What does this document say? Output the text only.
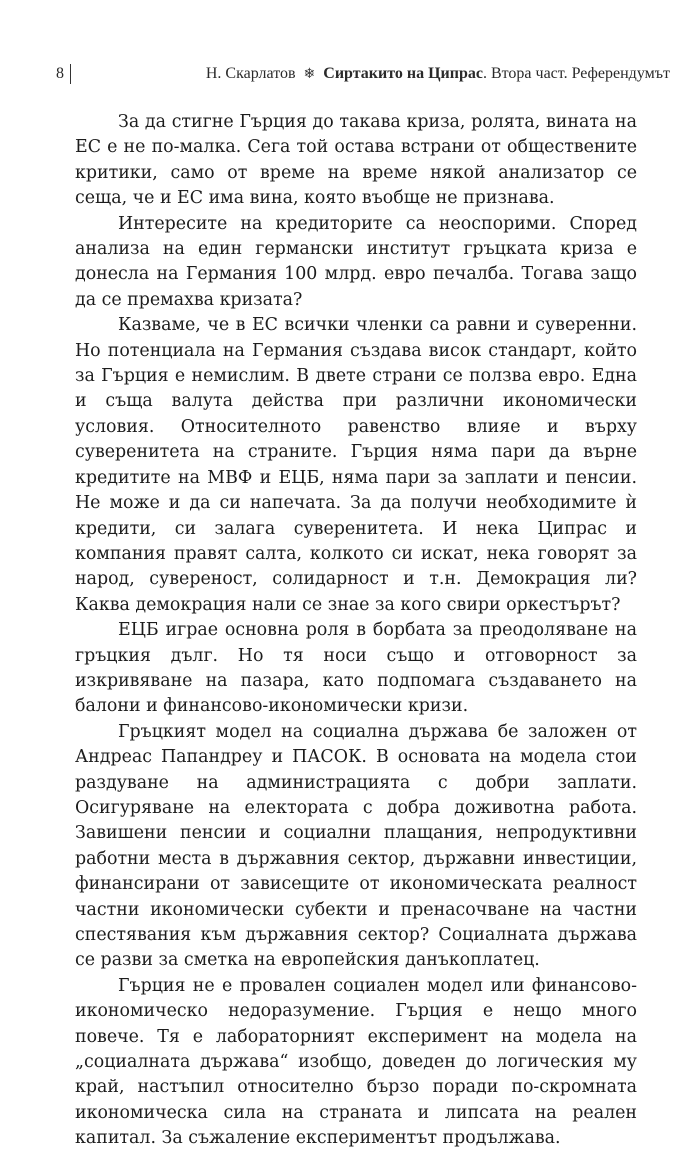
8	Н. Скарлатов ❄ Сиртакито на Ципрас . Втора част. Референдумът

За да стигне Гърция до такава криза, ролята, вината на ЕС е не по-малка. Сега той остава встрани от обществените критики, само от време на време някой анализатор се сеща, че и ЕС има вина, която въобще не признава.

Интересите на кредиторите са неоспорими. Според анализа на един германски институт гръцката криза е донесла на Германия 100 млрд. евро печалба. Тогава защо да се премахва кризата?

Казваме, че в ЕС всички членки са равни и суверенни. Но потенциала на Германия създава висок стандарт, който за Гърция е немислим. В двете страни се ползва евро. Една и съща валута действа при различни икономически условия. Относителното равенство влияе и върху суверенитета на страните. Гърция няма пари да върне кредитите на МВФ и ЕЦБ, няма пари за заплати и пенсии. Не може и да си напечата. За да получи необходимите ѝ кредити, си залага суверенитета. И нека Ципрас и компания правят салта, колкото си искат, нека говорят за народ, суверeност, солидарност и т.н. Демокрация ли? Каква демокрация нали се знае за кого свири оркестърът?

ЕЦБ играе основна роля в борбата за преодоляване на гръцкия дълг. Но тя носи също и отговорност за изкривяване на пазара, като подпомага създаването на балони и финансово-икономически кризи.

Гръцкият модел на социална държава бе заложен от Андреас Папандреу и ПАСОК. В основата на модела стои раздуване на администрацията с добри заплати. Осигуряване на електората с добра доживотна работа. Завишени пенсии и социални плащания, непродуктивни работни места в държавния сектор, държавни инвестиции, финансирани от зависещите от икономическата реалност частни икономически субекти и пренасочване на частни спестявания към държавния сектор? Социалната държава се разви за сметка на европейския данъкоплатец.

Гърция не е провален социален модел или финансово-икономическо недоразумение. Гърция е нещо много повече. Тя е лабораторният експеримент на модела на „социалната държава“ изобщо, доведен до логическия му край, настъпил относително бързо поради по-скромната икономическа сила на страната и липсата на реален капитал. За съжаление експериментът продължава.
